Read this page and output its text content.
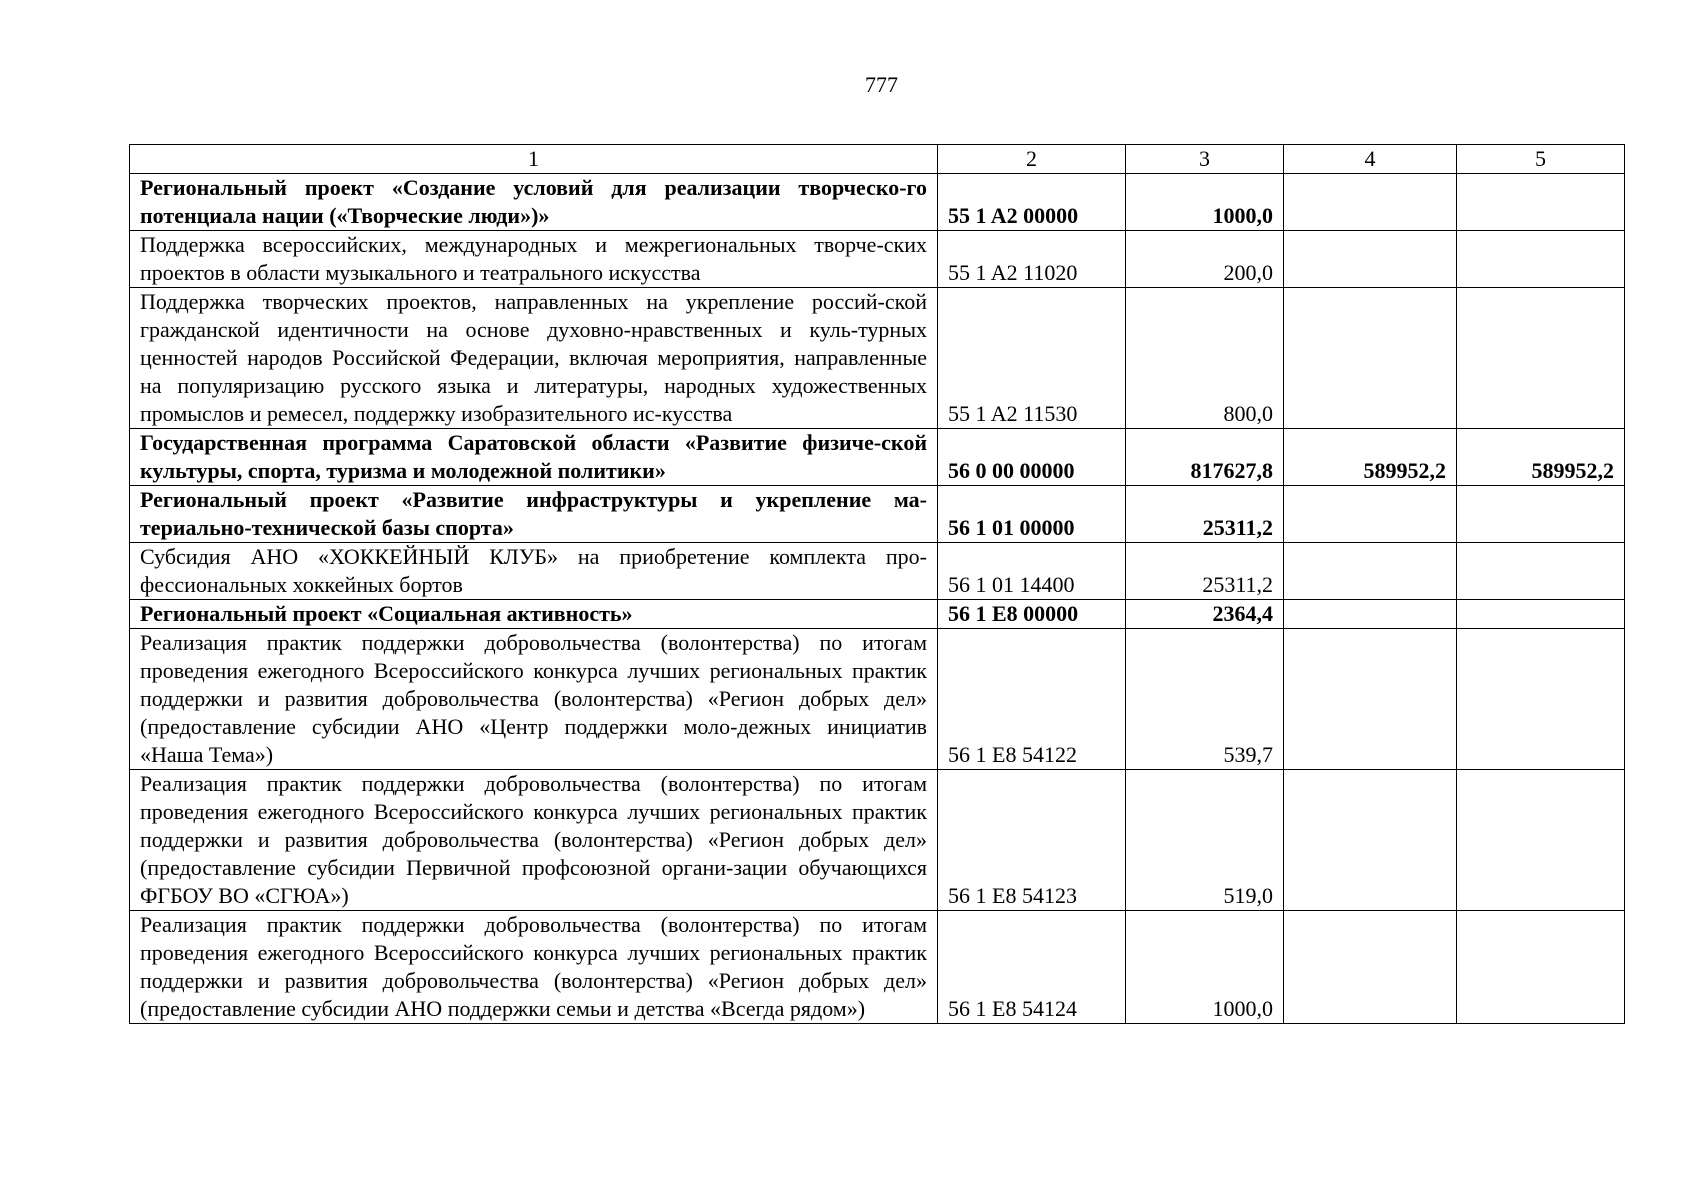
777
1	2	3	4	5
Региональный проект «Создание условий для реализации творческо-го потенциала нации («Творческие люди»)»	55 1 A2 00000	1000,0		
Поддержка всероссийских, международных и межрегиональных творче-ских проектов в области музыкального и театрального искусства	55 1 A2 11020	200,0		
Поддержка творческих проектов, направленных на укрепление россий-ской гражданской идентичности на основе духовно-нравственных и куль-турных ценностей народов Российской Федерации, включая мероприятия, направленные на популяризацию русского языка и литературы, народных художественных промыслов и ремесел, поддержку изобразительного ис-кусства	55 1 A2 11530	800,0		
Государственная программа Саратовской области «Развитие физиче-ской культуры, спорта, туризма и молодежной политики»	56 0 00 00000	817627,8	589952,2	589952,2
Региональный проект «Развитие инфраструктуры и укрепление ма-териально-технической базы спорта»	56 1 01 00000	25311,2		
Субсидия АНО «ХОККЕЙНЫЙ КЛУБ» на приобретение комплекта про-фессиональных хоккейных бортов	56 1 01 14400	25311,2		
Региональный проект «Социальная активность»	56 1 E8 00000	2364,4		
Реализация практик поддержки добровольчества (волонтерства) по итогам проведения ежегодного Всероссийского конкурса лучших региональных практик поддержки и развития добровольчества (волонтерства) «Регион добрых дел» (предоставление субсидии АНО «Центр поддержки моло-дежных инициатив «Наша Тема»)	56 1 E8 54122	539,7		
Реализация практик поддержки добровольчества (волонтерства) по итогам проведения ежегодного Всероссийского конкурса лучших региональных практик поддержки и развития добровольчества (волонтерства) «Регион добрых дел» (предоставление субсидии Первичной профсоюзной органи-зации обучающихся ФГБОУ ВО «СГЮА»)	56 1 E8 54123	519,0		
Реализация практик поддержки добровольчества (волонтерства) по итогам проведения ежегодного Всероссийского конкурса лучших региональных практик поддержки и развития добровольчества (волонтерства) «Регион добрых дел» (предоставление субсидии АНО поддержки семьи и детства «Всегда рядом»)	56 1 E8 54124	1000,0		
